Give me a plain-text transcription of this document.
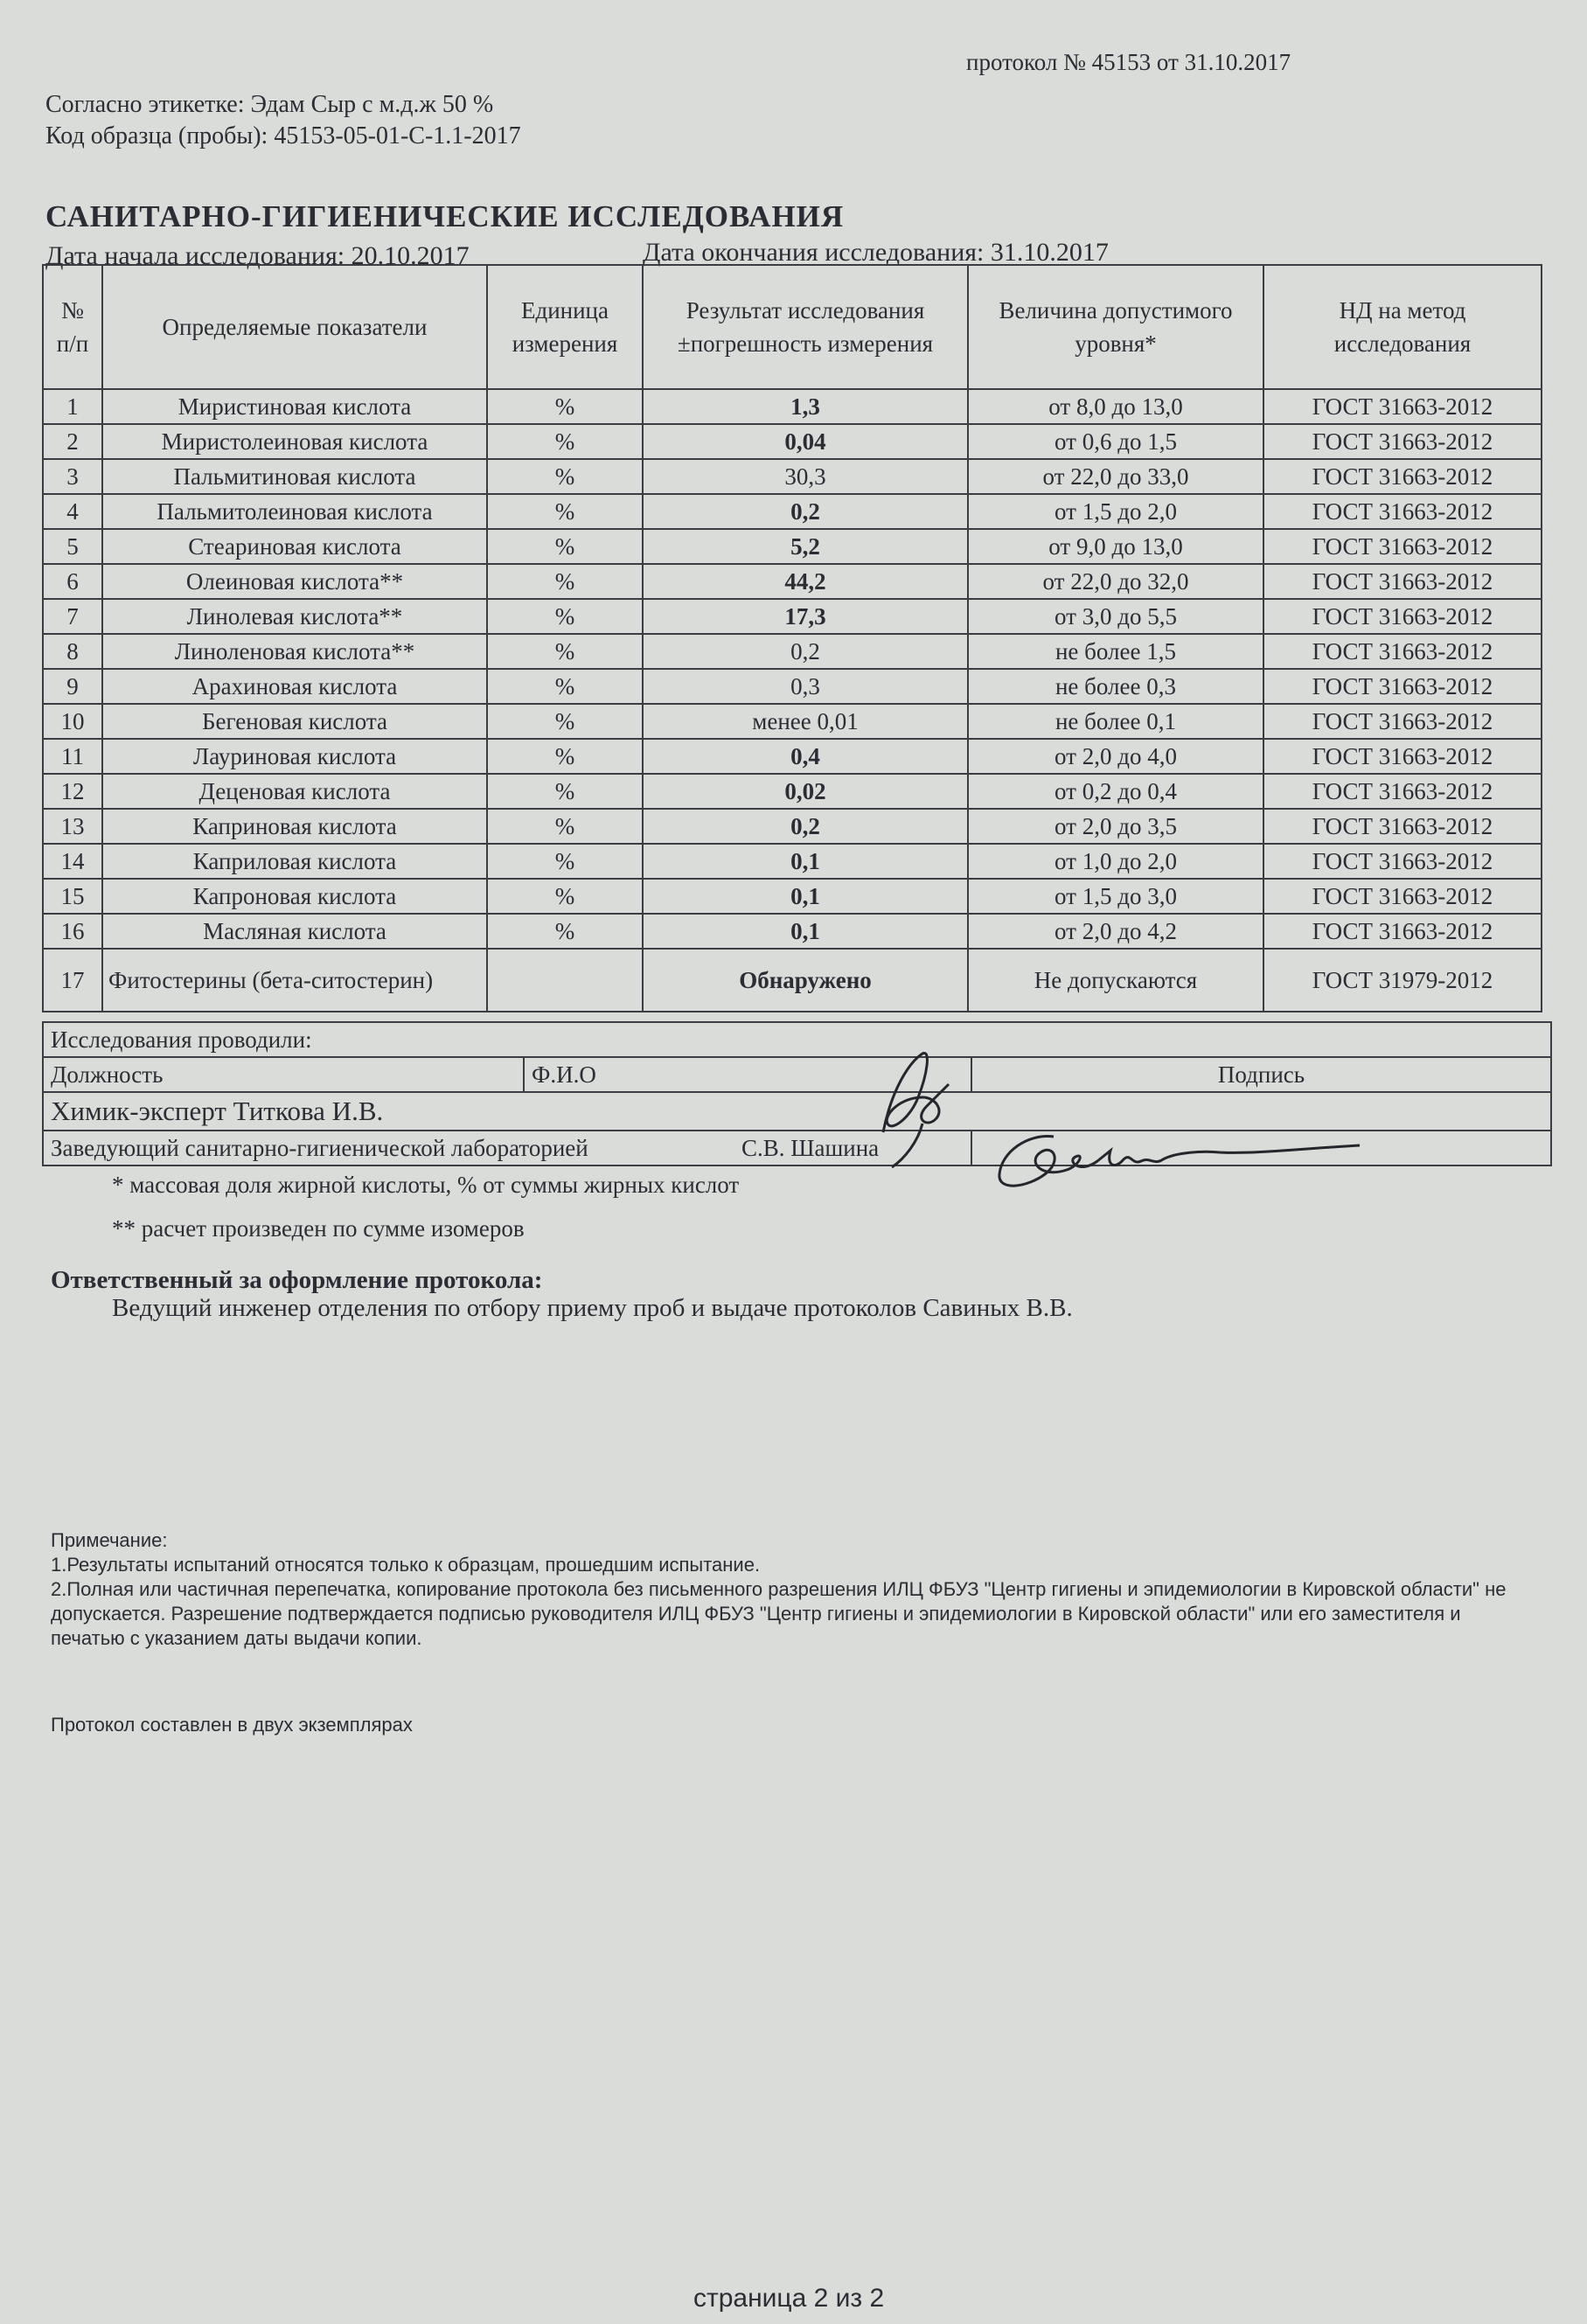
протокол № 45153 от 31.10.2017
Согласно этикетке: Эдам Сыр с м.д.ж 50 %
Код образца (пробы): 45153-05-01-С-1.1-2017
САНИТАРНО-ГИГИЕНИЧЕСКИЕ ИССЛЕДОВАНИЯ
Дата начала исследования: 20.10.2017	Дата окончания исследования: 31.10.2017
№ п/п	Определяемые показатели	Единица измерения	Результат исследования ±погрешность измерения	Величина допустимого уровня*	НД на метод исследования
1	Миристиновая кислота	%	1,3	от 8,0 до 13,0	ГОСТ 31663-2012
2	Миристолеиновая кислота	%	0,04	от 0,6 до 1,5	ГОСТ 31663-2012
3	Пальмитиновая кислота	%	30,3	от 22,0 до 33,0	ГОСТ 31663-2012
4	Пальмитолеиновая кислота	%	0,2	от 1,5 до 2,0	ГОСТ 31663-2012
5	Стеариновая кислота	%	5,2	от 9,0 до 13,0	ГОСТ 31663-2012
6	Олеиновая кислота**	%	44,2	от 22,0 до 32,0	ГОСТ 31663-2012
7	Линолевая кислота**	%	17,3	от 3,0 до 5,5	ГОСТ 31663-2012
8	Линоленовая кислота**	%	0,2	не более 1,5	ГОСТ 31663-2012
9	Арахиновая кислота	%	0,3	не более 0,3	ГОСТ 31663-2012
10	Бегеновая кислота	%	менее 0,01	не более 0,1	ГОСТ 31663-2012
11	Лауриновая кислота	%	0,4	от 2,0 до 4,0	ГОСТ 31663-2012
12	Деценовая кислота	%	0,02	от 0,2 до 0,4	ГОСТ 31663-2012
13	Каприновая кислота	%	0,2	от 2,0 до 3,5	ГОСТ 31663-2012
14	Каприловая кислота	%	0,1	от 1,0 до 2,0	ГОСТ 31663-2012
15	Капроновая кислота	%	0,1	от 1,5 до 3,0	ГОСТ 31663-2012
16	Масляная кислота	%	0,1	от 2,0 до 4,2	ГОСТ 31663-2012
17	Фитостерины (бета-ситостерин)		Обнаружено	Не допускаются	ГОСТ 31979-2012
Исследования проводили:		
Должность	Ф.И.О	Подпись
Химик-эксперт Титкова И.В.		
Заведующий санитарно-гигиенической лабораторией С.В. Шашина		

* массовая доля жирной кислоты, % от суммы жирных кислот
** расчет произведен по сумме изомеров
Ответственный за оформление протокола:
Ведущий инженер отделения по отбору приему проб и выдаче протоколов Савиных В.В.
Примечание:
1.Результаты испытаний относятся только к образцам, прошедшим испытание.
2.Полная или частичная перепечатка, копирование протокола без письменного разрешения ИЛЦ ФБУЗ "Центр гигиены и эпидемиологии в Кировской области" не допускается. Разрешение подтверждается подписью руководителя ИЛЦ ФБУЗ "Центр гигиены и эпидемиологии в Кировской области" или его заместителя и печатью с указанием даты выдачи копии.
Протокол составлен в двух экземплярах
страница 2 из 2
